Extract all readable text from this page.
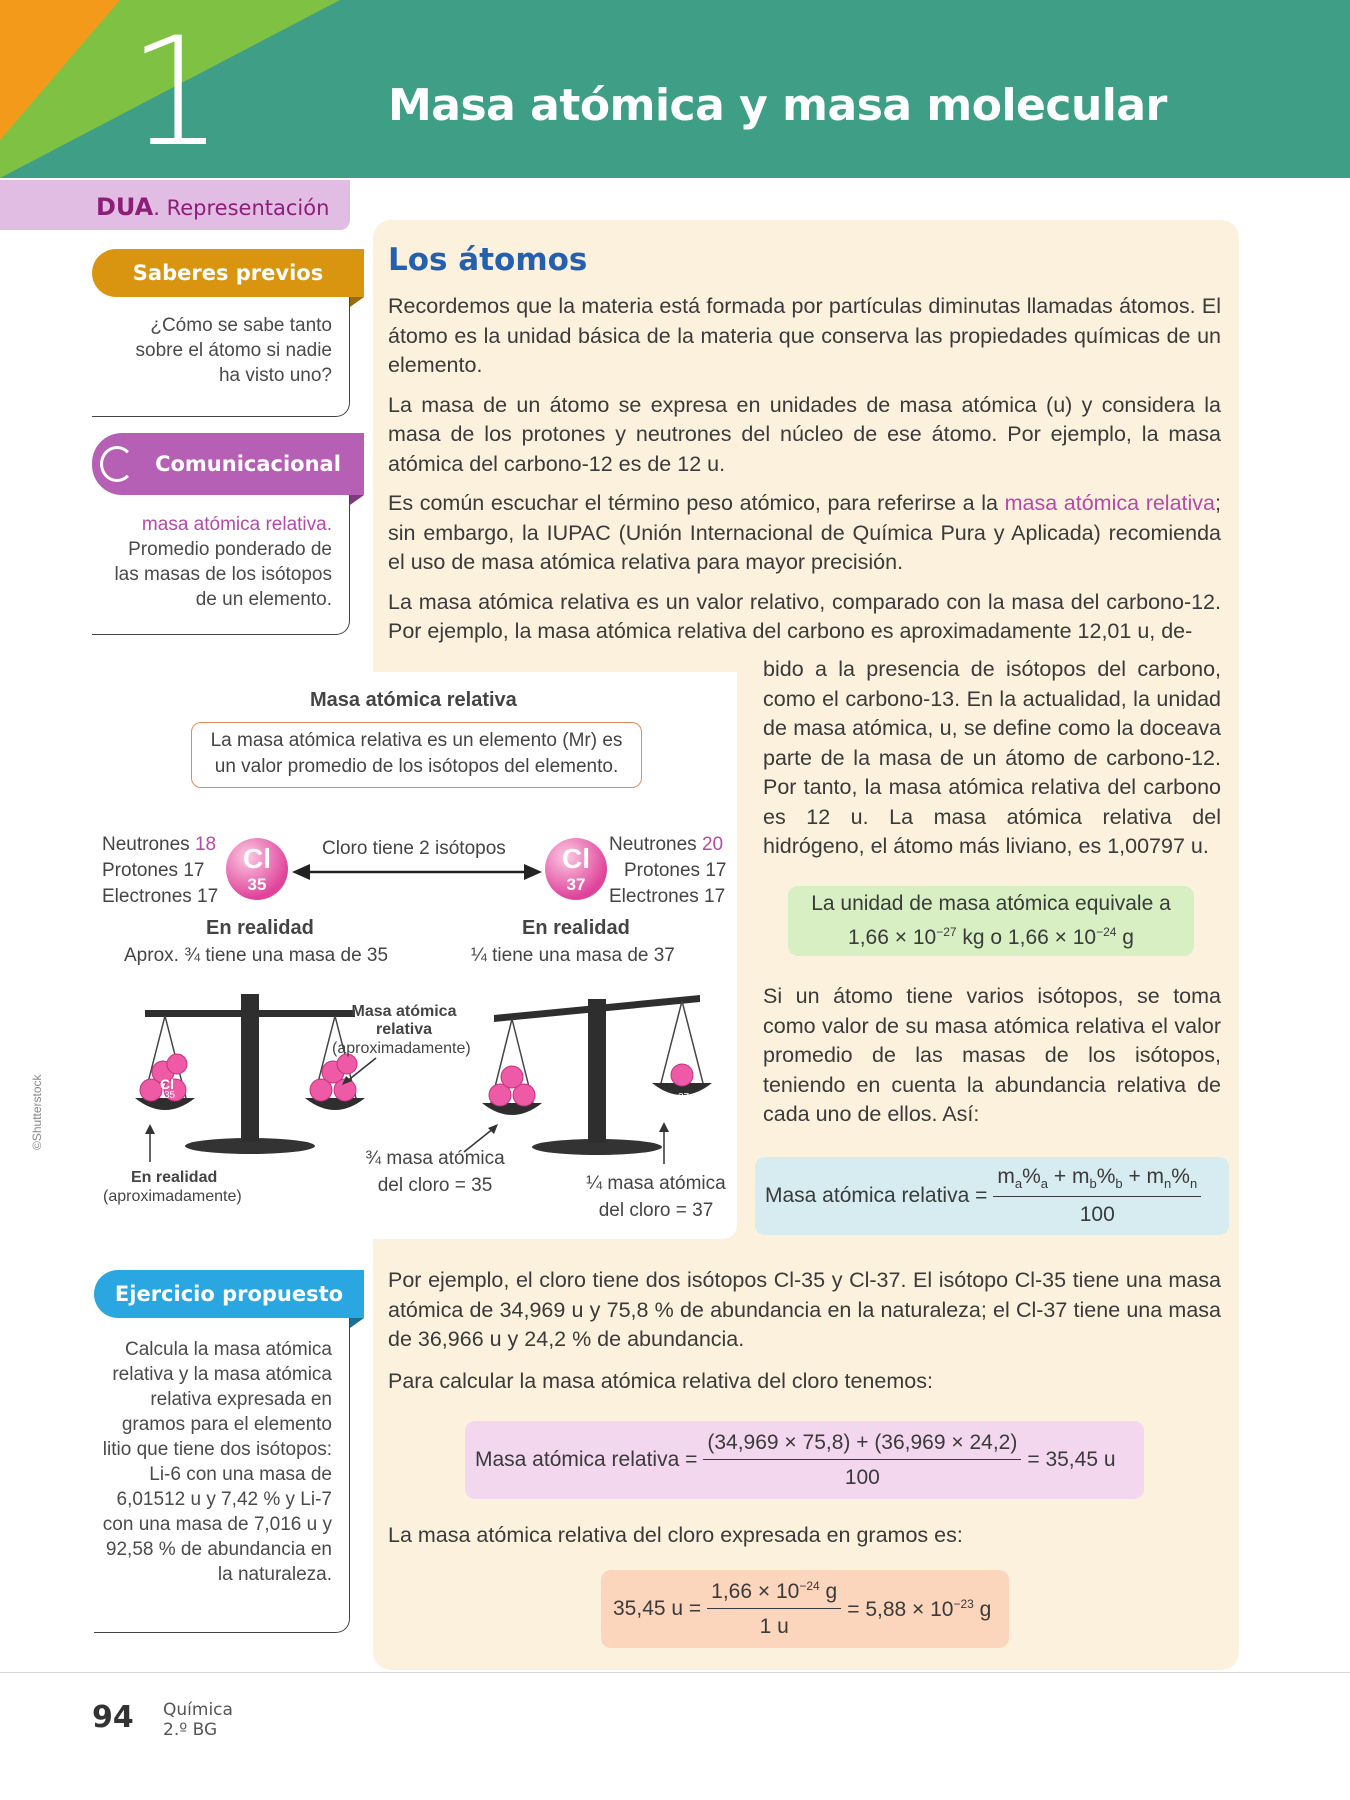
1	Masa atómica y masa molecular
DUA. Representación
Saberes previos
¿Cómo se sabe tanto sobre el átomo si nadie ha visto uno?
Comunicacional
masa atómica relativa. Promedio ponderado de las masas de los isótopos de un elemento.
Ejercicio propuesto
Calcula la masa atómica relativa y la masa atómica relativa expresada en gramos para el elemento litio que tiene dos isótopos: Li-6 con una masa de 6,01512 u y 7,42 % y Li-7 con una masa de 7,016 u y 92,58 % de abundancia en la naturaleza.
Los átomos

Recordemos que la materia está formada por partículas diminutas llamadas átomos. El átomo es la unidad básica de la materia que conserva las propiedades químicas de un elemento.

La masa de un átomo se expresa en unidades de masa atómica (u) y considera la masa de los protones y neutrones del núcleo de ese átomo. Por ejemplo, la masa atómica del carbono-12 es de 12 u.

Es común escuchar el término peso atómico, para referirse a la masa atómica relativa; sin embargo, la IUPAC (Unión Internacional de Química Pura y Aplicada) recomienda el uso de masa atómica relativa para mayor precisión.

La masa atómica relativa es un valor relativo, comparado con la masa del carbono-12. Por ejemplo, la masa atómica relativa del carbono es aproximadamente 12,01 u, de-

bido a la presencia de isótopos del carbono, como el carbono-13. En la actualidad, la unidad de masa atómica, u, se define como la doceava parte de la masa de un átomo de carbono-12. Por tanto, la masa atómica relativa del carbono es 12 u. La masa atómica relativa del hidrógeno, el átomo más liviano, es 1,00797 u.
La unidad de masa atómica equivale a
$1,66 \times 10^{-27}$ kg o $1,66 \times 10^{-24}$ g
Si un átomo tiene varios isótopos, se toma como valor de su masa atómica relativa el valor promedio de las masas de los isótopos, teniendo en cuenta la abundancia relativa de cada uno de ellos. Así:
Masa atómica relativa = $\frac{m_a\%_a + m_b\%_b + m_n\%_n}{100}$
Por ejemplo, el cloro tiene dos isótopos Cl-35 y Cl-37. El isótopo Cl-35 tiene una masa atómica de 34,969 u y 75,8 % de abundancia en la naturaleza; el Cl-37 tiene una masa de 36,966 u y 24,2 % de abundancia.
Para calcular la masa atómica relativa del cloro tenemos:
Masa atómica relativa = $\frac{(34,969 \times 75,8) + (36,969 \times 24,2)}{100} = 35,45$ u
La masa atómica relativa del cloro expresada en gramos es:
35,45 $u = \frac{1,66 \times 10^{-24} g}{1 u} = 5,88 \times 10^{-23}$ g
Masa atómica relativa
La masa atómica relativa es un elemento (Mr) es un valor promedio de los isótopos del elemento.
Neutrones 18
Protones 17
Electrones 17
Cl
35
Cloro tiene 2 isótopos	Cl
37
Neutrones 20
Protones 17
Electrones 17
En realidad
Aprox. ¾ tiene una masa de 35
En realidad
¼ tiene una masa de 37
Cl
35	37
Masa atómica relativa
(aproximadamente)
En realidad
(aproximadamente)
¾ masa atómica del cloro = 35	¼ masa atómica del cloro = 37
©Shutterstock
94 Química
2.º BG
